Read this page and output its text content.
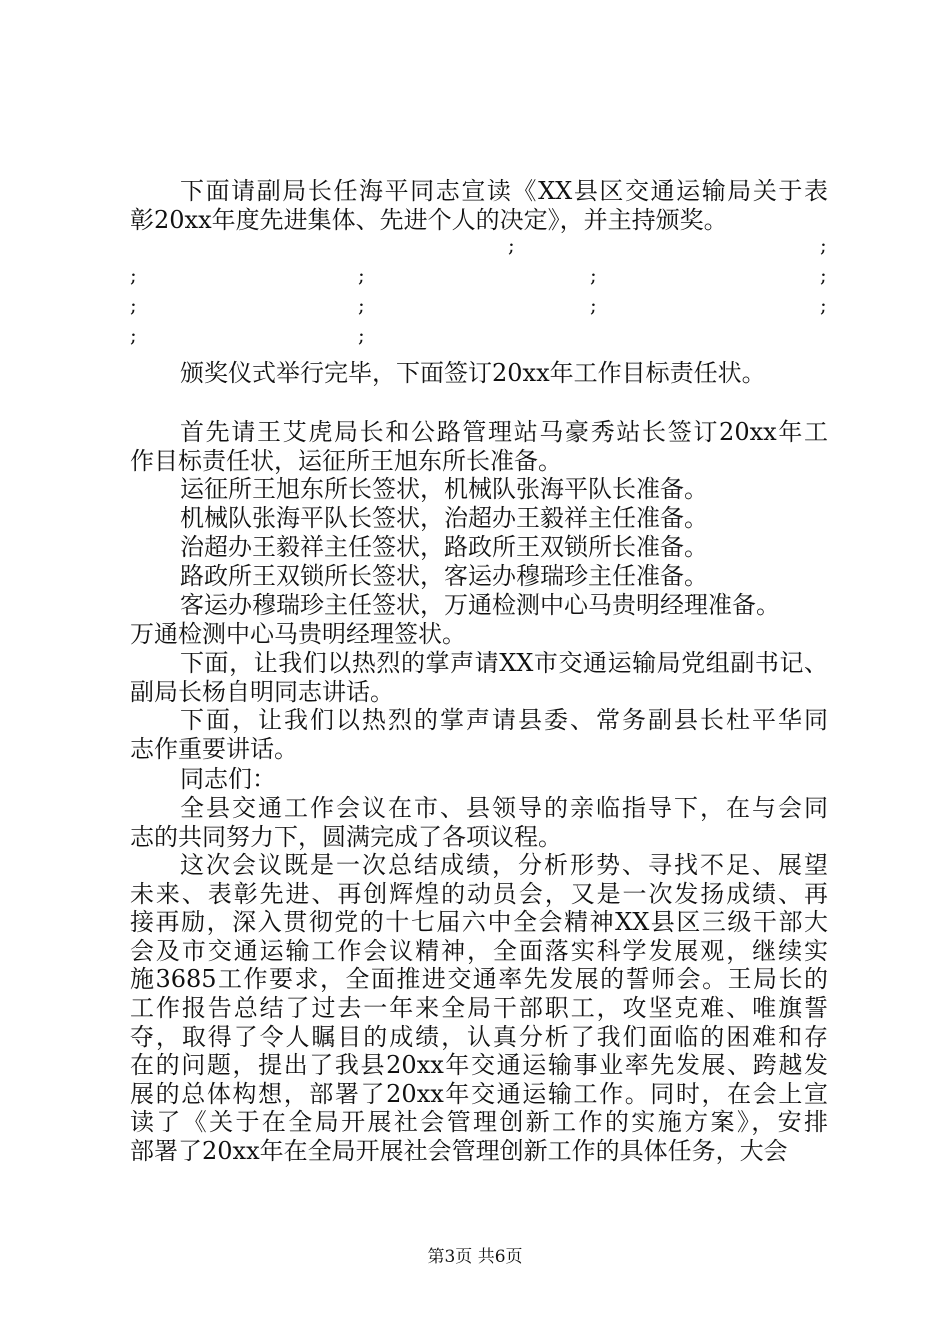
下面请副局长任海平同志宣读《XX县区交通运输局关于表
彰20xx年度先进集体、先进个人的决定》，并主持颁奖。
颁奖仪式举行完毕，下面签订20xx年工作目标责任状。
首先请王艾虎局长和公路管理站马豪秀站长签订20xx年工
作目标责任状，运征所王旭东所长准备。
运征所王旭东所长签状，机械队张海平队长准备。
机械队张海平队长签状，治超办王毅祥主任准备。
治超办王毅祥主任签状，路政所王双锁所长准备。
路政所王双锁所长签状，客运办穆瑞珍主任准备。
客运办穆瑞珍主任签状，万通检测中心马贵明经理准备。
万通检测中心马贵明经理签状。
下面，让我们以热烈的掌声请XX市交通运输局党组副书记、
副局长杨自明同志讲话。
下面，让我们以热烈的掌声请县委、常务副县长杜平华同
志作重要讲话。
同志们：
全县交通工作会议在市、县领导的亲临指导下，在与会同
志的共同努力下，圆满完成了各项议程。
这次会议既是一次总结成绩，分析形势、寻找不足、展望
未来、表彰先进、再创辉煌的动员会，又是一次发扬成绩、再
接再励，深入贯彻党的十七届六中全会精神XX县区三级干部大
会及市交通运输工作会议精神，全面落实科学发展观，继续实
施3685工作要求，全面推进交通率先发展的誓师会。王局长的
工作报告总结了过去一年来全局干部职工，攻坚克难、唯旗誓
夺，取得了令人瞩目的成绩，认真分析了我们面临的困难和存
在的问题，提出了我县20xx年交通运输事业率先发展、跨越发
展的总体构想，部署了20xx年交通运输工作。同时，在会上宣
读了《关于在全局开展社会管理创新工作的实施方案》，安排
部署了20xx年在全局开展社会管理创新工作的具体任务，大会
;	;
;	;	;	;
;	;	;	;
;	;
第3页 共6页
